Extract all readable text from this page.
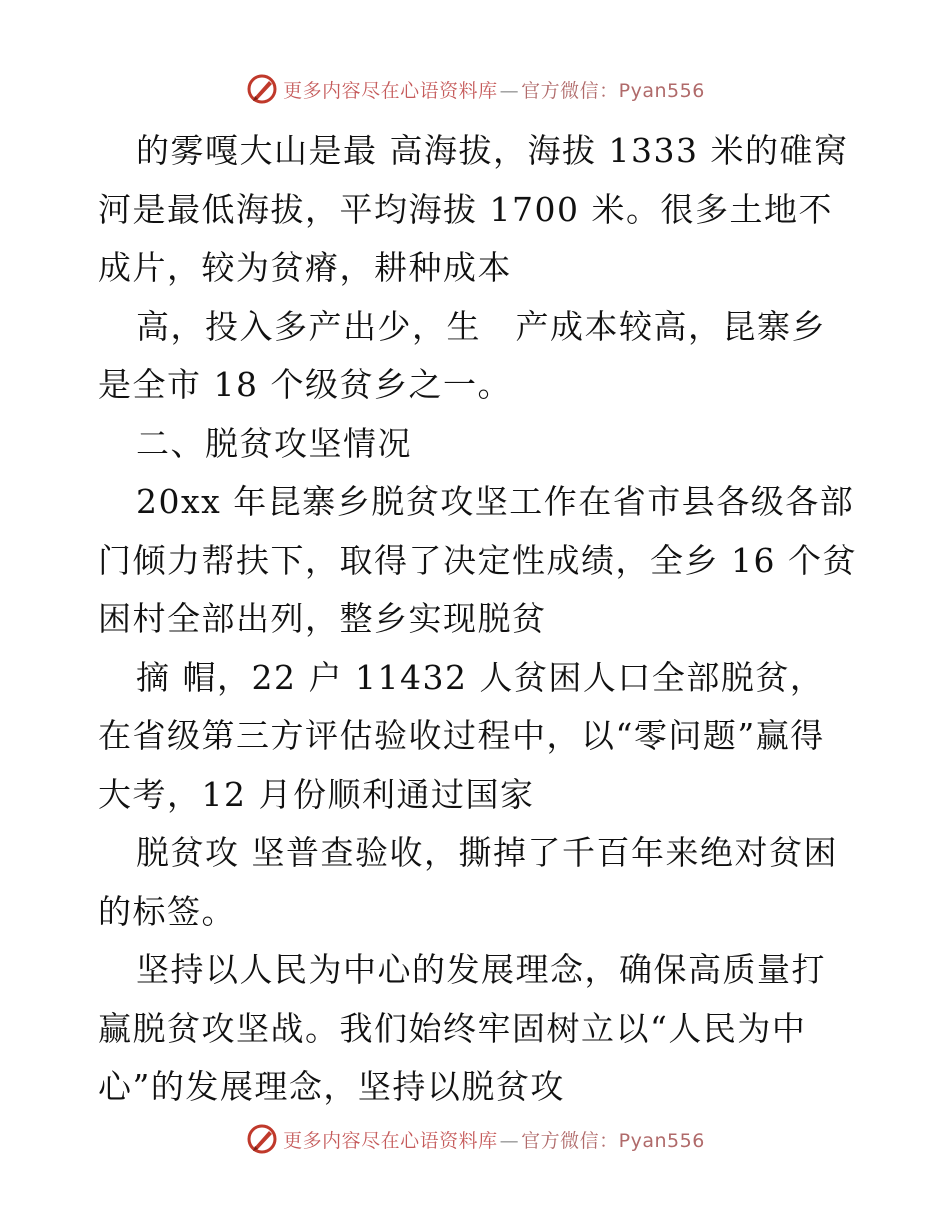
更多内容尽在心语资料库 — 官方微信：Pyan556

的雾嘎大山是最 高海拔，海拔 1333 米的碓窝河是最低海拔，平均海拔 1700 米。很多土地不成片，较为贫瘠，耕种成本

高，投入多产出少，生　产成本较高，昆寨乡是全市 18 个级贫乡之一。

二、脱贫攻坚情况

20xx 年昆寨乡脱贫攻坚工作在省市县各级各部门倾力帮扶下，取得了决定性成绩，全乡 16 个贫困村全部出列，整乡实现脱贫

摘 帽，22 户 11432 人贫困人口全部脱贫，在省级第三方评估验收过程中，以“零问题”赢得大考，12 月份顺利通过国家

脱贫攻 坚普查验收，撕掉了千百年来绝对贫困的标签。

坚持以人民为中心的发展理念，确保高质量打赢脱贫攻坚战。我们始终牢固树立以“人民为中心”的发展理念，坚持以脱贫攻

更多内容尽在心语资料库 — 官方微信：Pyan556
